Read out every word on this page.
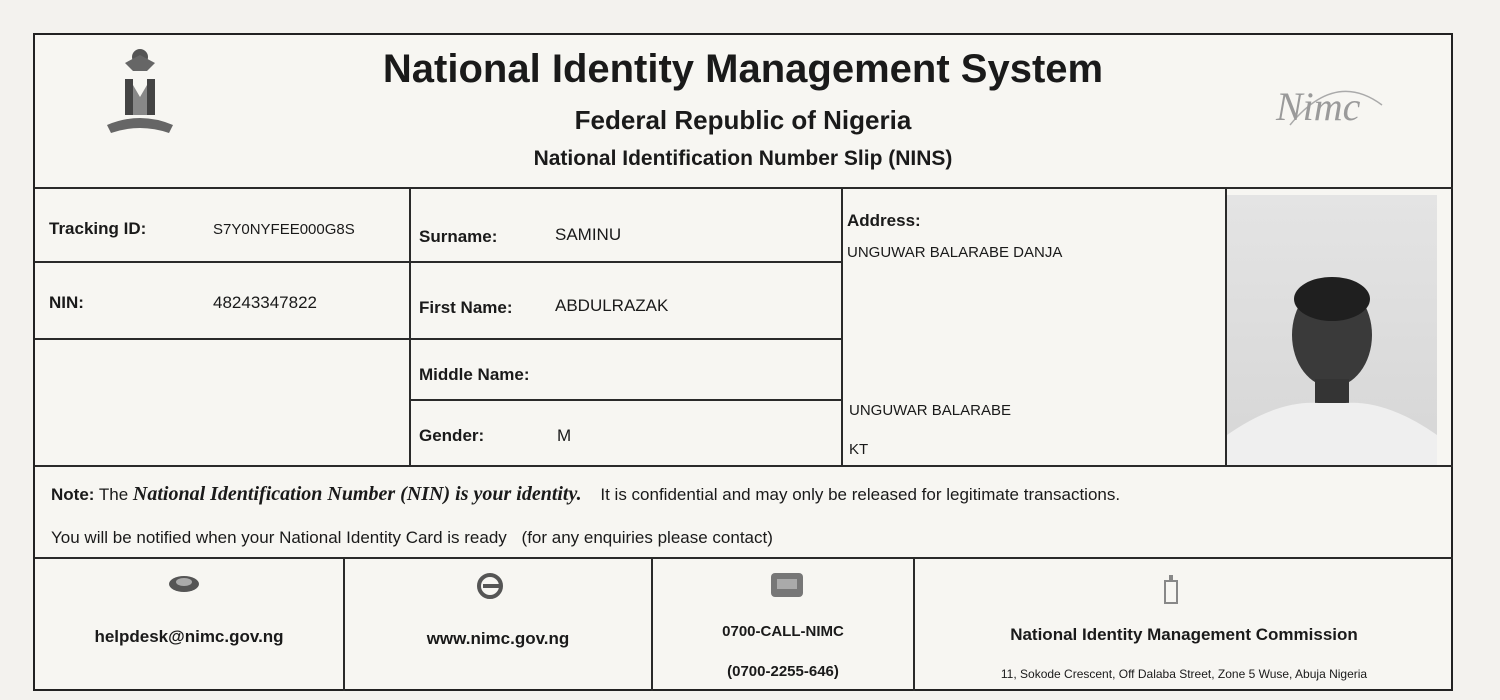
Nimc
National Identity Management System
Federal Republic of Nigeria
National Identification Number Slip (NINS)
Tracking ID:	S7Y0NYFEE000G8S
NIN:	48243347822
Surname:	SAMINU
First Name: ABDULRAZAK
Middle Name:
Gender:	M
Address:
UNGUWAR BALARABE DANJA
UNGUWAR BALARABE
KT
Note: The National Identification Number (NIN) is your identity. It is confidential and may only be released for legitimate transactions.
You will be notified when your National Identity Card is ready (for any enquiries please contact)
helpdesk@nimc.gov.ng	www.nimc.gov.ng	0700-CALL-NIMC
(0700-2255-646)
National Identity Management Commission
11, Sokode Crescent, Off Dalaba Street, Zone 5 Wuse, Abuja Nigeria
